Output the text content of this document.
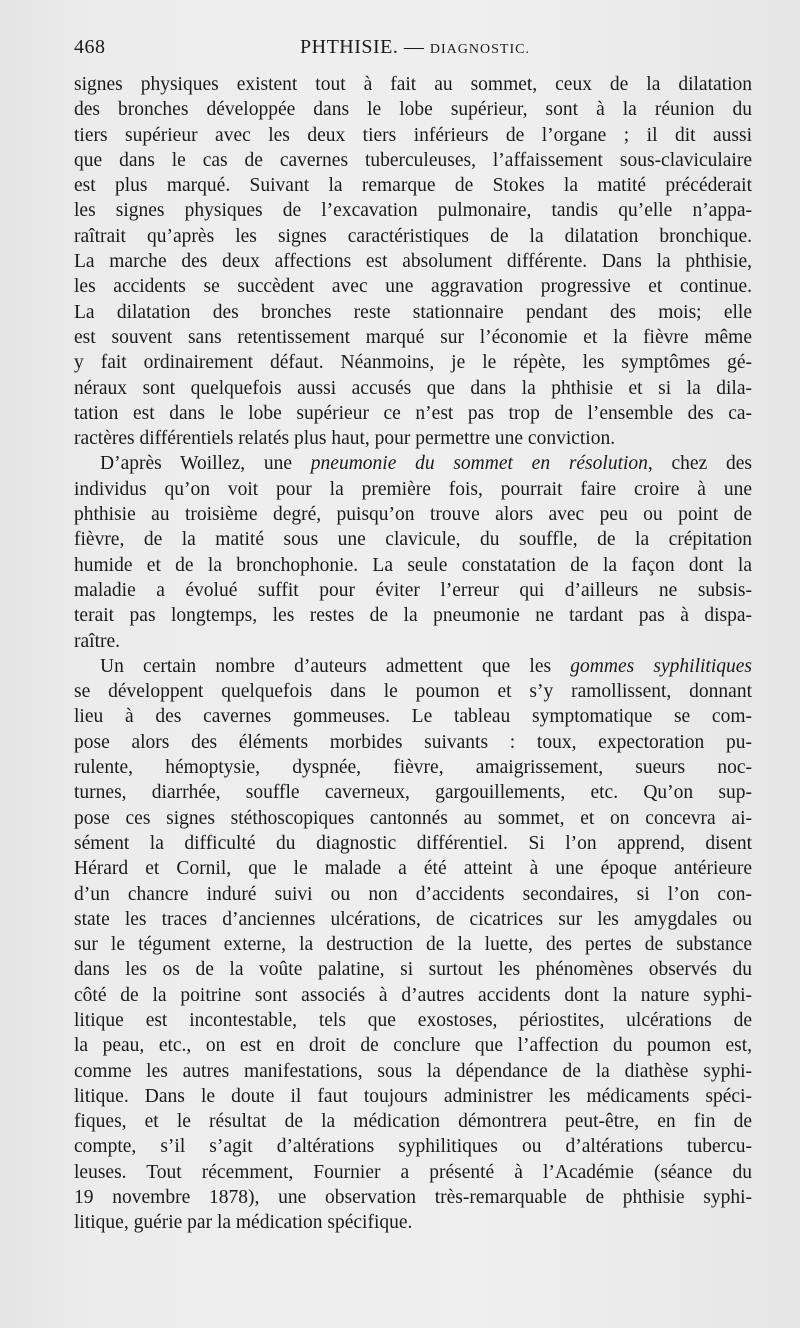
468	PHTHISIE. — DIAGNOSTIC.
signes physiques existent tout à fait au sommet, ceux de la dilatation
des bronches développée dans le lobe supérieur, sont à la réunion du
tiers supérieur avec les deux tiers inférieurs de l’organe ; il dit aussi
que dans le cas de cavernes tuberculeuses, l’affaissement sous-claviculaire
est plus marqué. Suivant la remarque de Stokes la matité précéderait
les signes physiques de l’excavation pulmonaire, tandis qu’elle n’appa-
raîtrait qu’après les signes caractéristiques de la dilatation bronchique.
La marche des deux affections est absolument différente. Dans la phthisie,
les accidents se succèdent avec une aggravation progressive et continue.
La dilatation des bronches reste stationnaire pendant des mois; elle
est souvent sans retentissement marqué sur l’économie et la fièvre même
y fait ordinairement défaut. Néanmoins, je le répète, les symptômes gé-
néraux sont quelquefois aussi accusés que dans la phthisie et si la dila-
tation est dans le lobe supérieur ce n’est pas trop de l’ensemble des ca-
ractères différentiels relatés plus haut, pour permettre une conviction.
D’après Woillez, une pneumonie du sommet en résolution, chez des
individus qu’on voit pour la première fois, pourrait faire croire à une
phthisie au troisième degré, puisqu’on trouve alors avec peu ou point de
fièvre, de la matité sous une clavicule, du souffle, de la crépitation
humide et de la bronchophonie. La seule constatation de la façon dont la
maladie a évolué suffit pour éviter l’erreur qui d’ailleurs ne subsis-
terait pas longtemps, les restes de la pneumonie ne tardant pas à dispa-
raître.
Un certain nombre d’auteurs admettent que les gommes syphilitiques
se développent quelquefois dans le poumon et s’y ramollissent, donnant
lieu à des cavernes gommeuses. Le tableau symptomatique se com-
pose alors des éléments morbides suivants : toux, expectoration pu-
rulente, hémoptysie, dyspnée, fièvre, amaigrissement, sueurs noc-
turnes, diarrhée, souffle caverneux, gargouillements, etc. Qu’on sup-
pose ces signes stéthoscopiques cantonnés au sommet, et on concevra ai-
sément la difficulté du diagnostic différentiel. Si l’on apprend, disent
Hérard et Cornil, que le malade a été atteint à une époque antérieure
d’un chancre induré suivi ou non d’accidents secondaires, si l’on con-
state les traces d’anciennes ulcérations, de cicatrices sur les amygdales ou
sur le tégument externe, la destruction de la luette, des pertes de substance
dans les os de la voûte palatine, si surtout les phénomènes observés du
côté de la poitrine sont associés à d’autres accidents dont la nature syphi-
litique est incontestable, tels que exostoses, périostites, ulcérations de
la peau, etc., on est en droit de conclure que l’affection du poumon est,
comme les autres manifestations, sous la dépendance de la diathèse syphi-
litique. Dans le doute il faut toujours administrer les médicaments spéci-
fiques, et le résultat de la médication démontrera peut-être, en fin de
compte, s’il s’agit d’altérations syphilitiques ou d’altérations tubercu-
leuses. Tout récemment, Fournier a présenté à l’Académie (séance du
19 novembre 1878), une observation très-remarquable de phthisie syphi-
litique, guérie par la médication spécifique.
